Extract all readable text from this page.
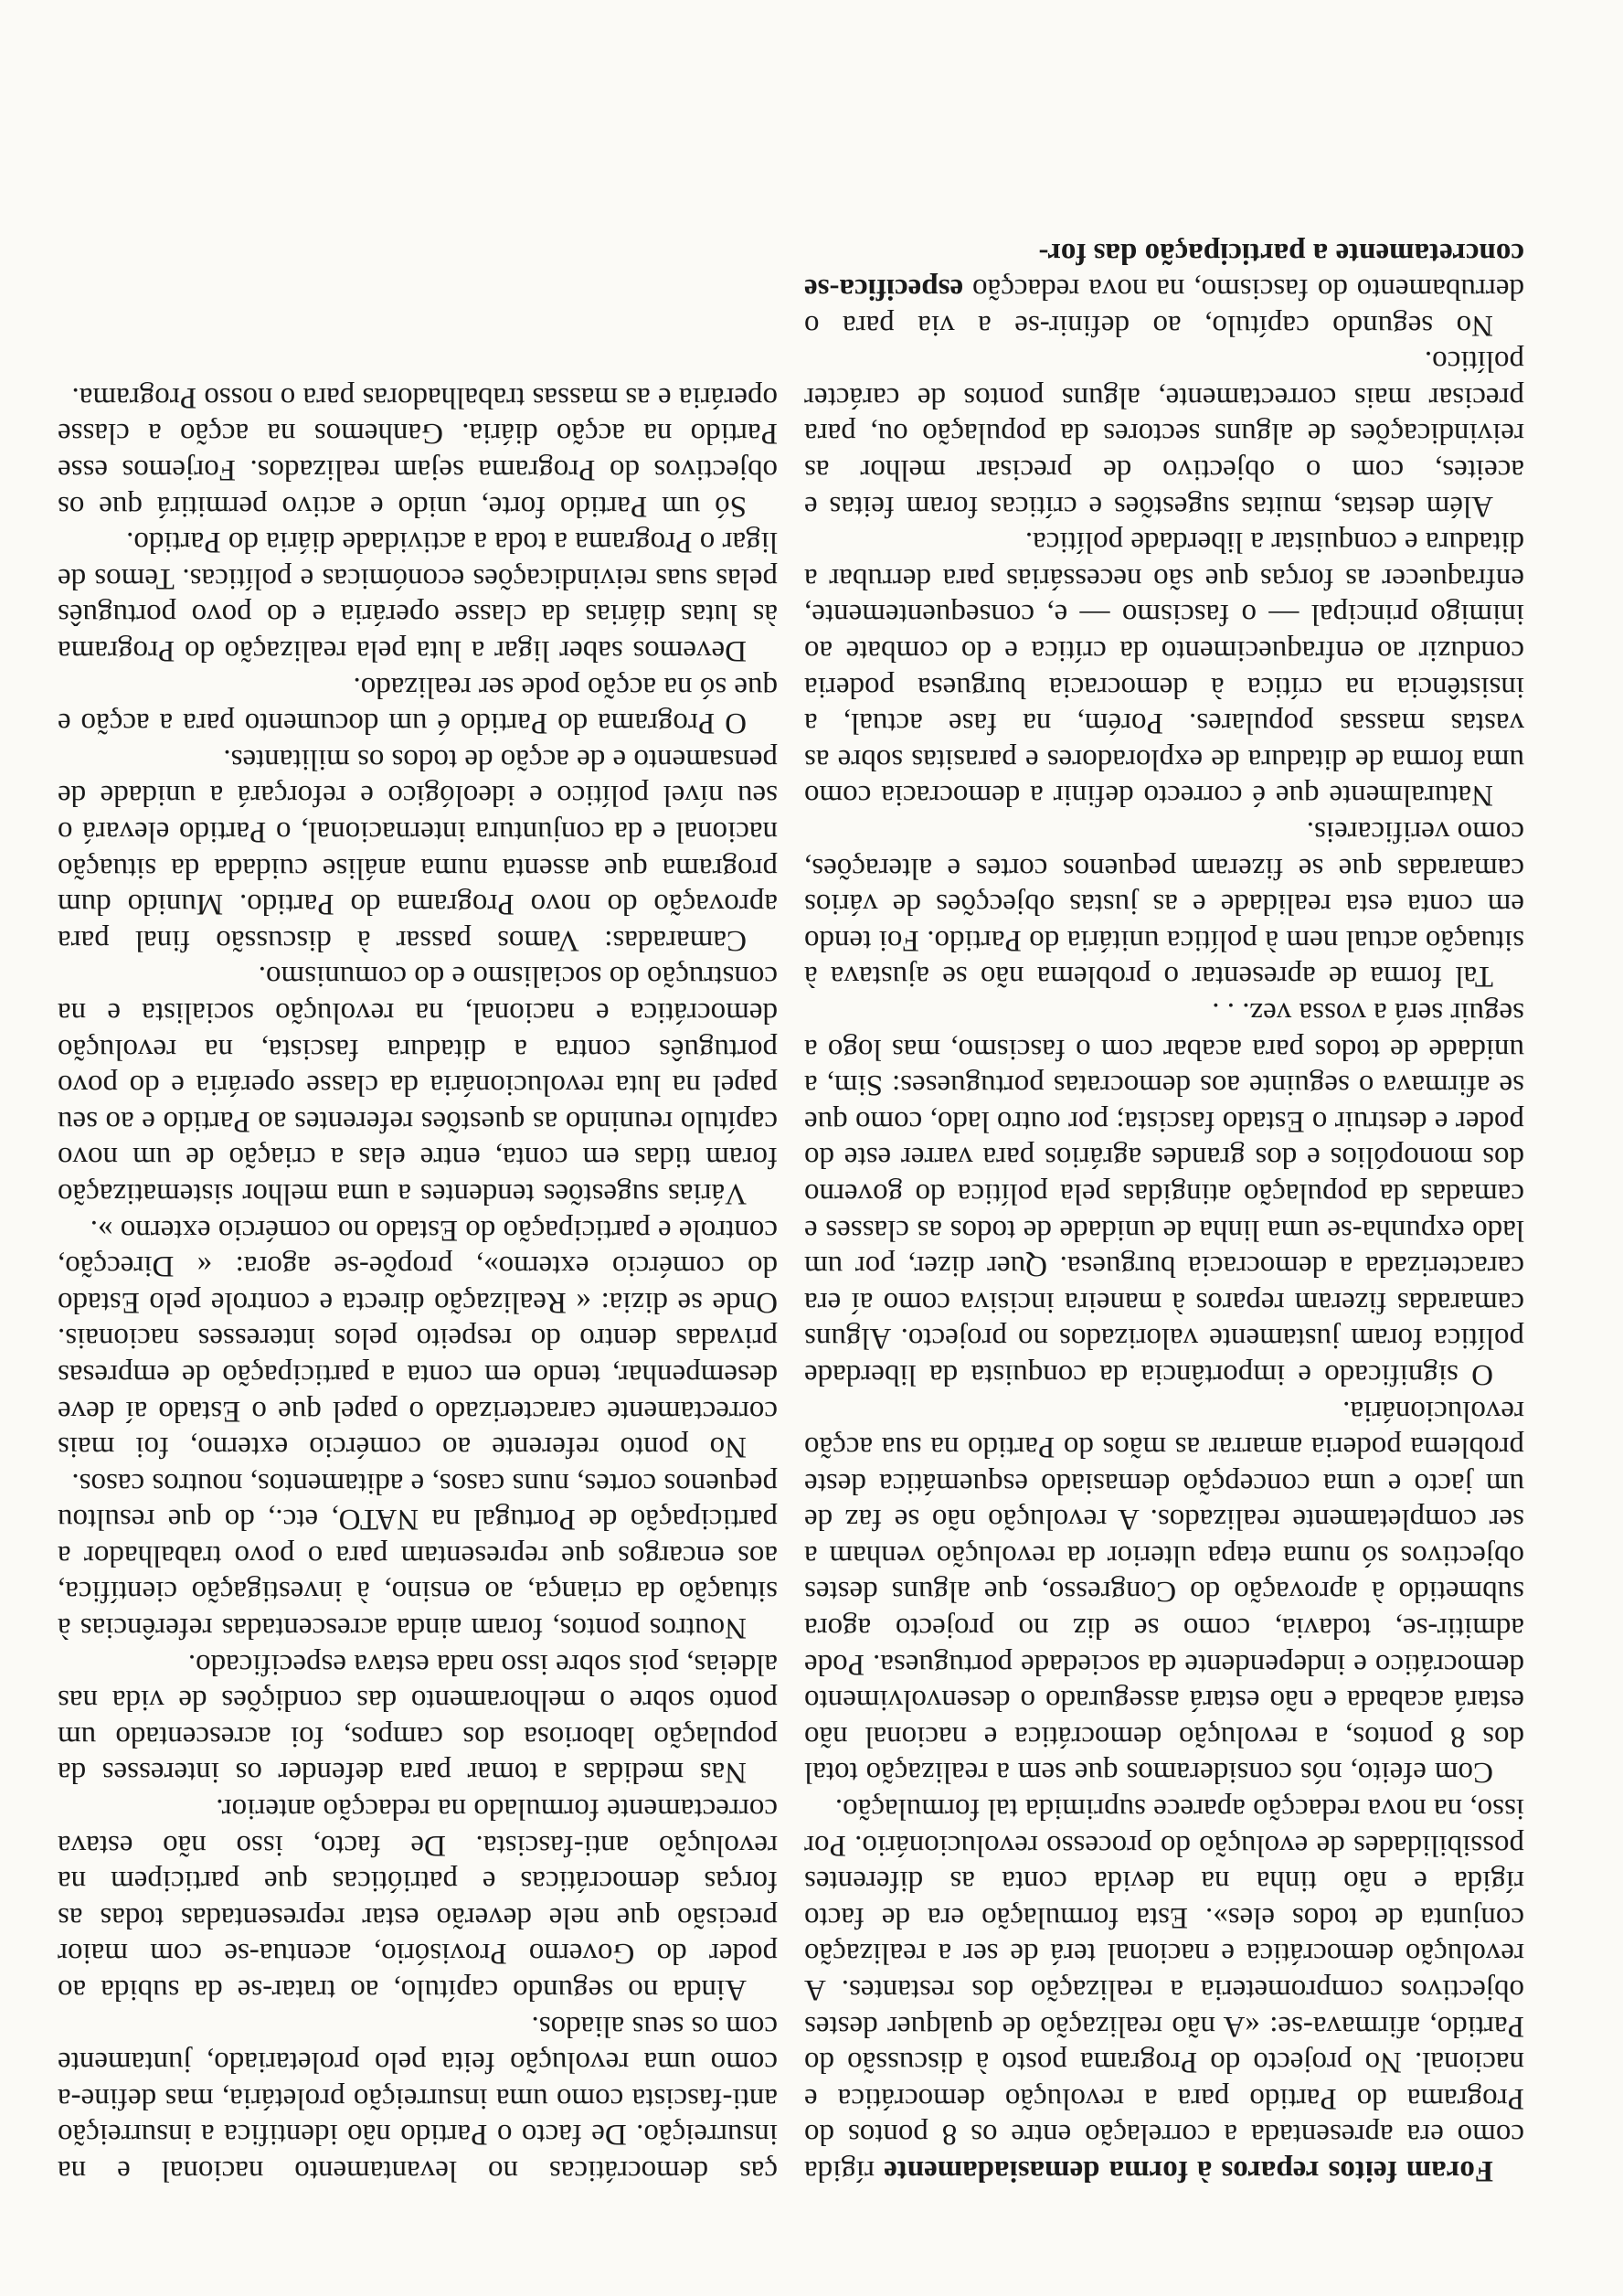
Foram feitos reparos à forma demasiadamente rígida como era apresentada a correlação entre os 8 pontos do Programa do Partido para a revolução democrática e nacional. No projecto do Programa posto à discussão do Partido, afirmava-se: «A não realização de qualquer destes objectivos comprometeria a realização dos restantes. A revolução democrática e nacional terá de ser a realização conjunta de todos eles». Esta formulação era de facto rígida e não tinha na devida conta as diferentes possibilidades de evolução do processo revolucionário. Por isso, na nova redacção aparece suprimida tal formulação.

Com efeito, nós consideramos que sem a realização total dos 8 pontos, a revolução democrática e nacional não estará acabada e não estará assegurado o desenvolvimento democrático e independente da sociedade portuguesa. Pode admitir-se, todavia, como se diz no projecto agora submetido à aprovação do Congresso, que alguns destes objectivos só numa etapa ulterior da revolução venham a ser completamente realizados. A revolução não se faz de um jacto e uma concepção demasiado esquemática deste problema poderia amarrar as mãos do Partido na sua acção revolucionária.

O significado e importância da conquista da liberdade política foram justamente valorizados no projecto. Alguns camaradas fizeram reparos à maneira incisiva como aí era caracterizada a democracia burguesa. Quer dizer, por um lado expunha-se uma linha de unidade de todos as classes e camadas da população atingidas pela política do governo dos monopólios e dos grandes agrários para varrer este do poder e destruir o Estado fascista; por outro lado, como que se afirmava o seguinte aos democratas portugueses: Sim, a unidade de todos para acabar com o fascismo, mas logo a seguir será a vossa vez. . .

Tal forma de apresentar o problema não se ajustava à situação actual nem à política unitária do Partido. Foi tendo em conta esta realidade e as justas objecções de vários camaradas que se fizeram pequenos cortes e alterações, como verificareis.

Naturalmente que é correcto definir a democracia como uma forma de ditadura de exploradores e parasitas sobre as vastas massas populares. Porém, na fase actual, a insistência na crítica à democracia burguesa poderia conduzir ao enfraquecimento da crítica e do combate ao inimigo principal — o fascismo — e, consequentemente, enfraquecer as forças que são necessárias para derrubar a ditadura e conquistar a liberdade política.

Além destas, muitas sugestões e críticas foram feitas e aceites, com o objectivo de precisar melhor as reivindicações de alguns sectores da população ou, para precisar mais correctamente, alguns pontos de carácter político.

No segundo capítulo, ao definir-se a via para o derrubamento do fascismo, na nova redacção especifica-se concretamente a participação das for-

ças democráticas no levantamento nacional e na insurreição. De facto o Partido não identifica a insurreição anti-fascista como uma insurreição proletária, mas define-a como uma revolução feita pelo proletariado, juntamente com os seus aliados.

Ainda no segundo capítulo, ao tratar-se da subida ao poder do Governo Provisório, acentua-se com maior precisão que nele deverão estar representadas todas as forças democráticas e patrióticas que participem na revolução anti-fascista. De facto, isso não estava correctamente formulado na redacção anterior.

Nas medidas a tomar para defender os interesses da população laboriosa dos campos, foi acrescentado um ponto sobre o melhoramento das condições de vida nas aldeias, pois sobre isso nada estava especificado.

Noutros pontos, foram ainda acrescentadas referências à situação da criança, ao ensino, à investigação científica, aos encargos que representam para o povo trabalhador a participação de Portugal na NATO, etc., do que resultou pequenos cortes, nuns casos, e aditamentos, noutros casos.

No ponto referente ao comércio externo, foi mais correctamente caracterizado o papel que o Estado aí deve desempenhar, tendo em conta a participação de empresas privadas dentro do respeito pelos interesses nacionais. Onde se dizia: « Realização directa e controle pelo Estado do comércio externo», propõe-se agora: « Direcção, controle e participação do Estado no comércio externo ».

Várias sugestões tendentes a uma melhor sistematização foram tidas em conta, entre elas a criação de um novo capítulo reunindo as questões referentes ao Partido e ao seu papel na luta revolucionária da classe operária e do povo português contra a ditadura fascista, na revolução democrática e nacional, na revolução socialista e na construção do socialismo e do comunismo.

Camaradas: Vamos passar à discussão final para aprovação do novo Programa do Partido. Munido dum programa que assenta numa análise cuidada da situação nacional e da conjuntura internacional, o Partido elevará o seu nível político e ideológico e reforçará a unidade de pensamento e de acção de todos os militantes.

O Programa do Partido é um documento para a acção e que só na acção pode ser realizado.

Devemos saber ligar a luta pela realização do Programa às lutas diárias da classe operária e do povo português pelas suas reivindicações económicas e políticas. Temos de ligar o Programa a toda a actividade diária do Partido.

Só um Partido forte, unido e activo permitirá que os objectivos do Programa sejam realizados. Forjemos esse Partido na acção diária. Ganhemos na acção a classe operária e as massas trabalhadoras para o nosso Programa.
